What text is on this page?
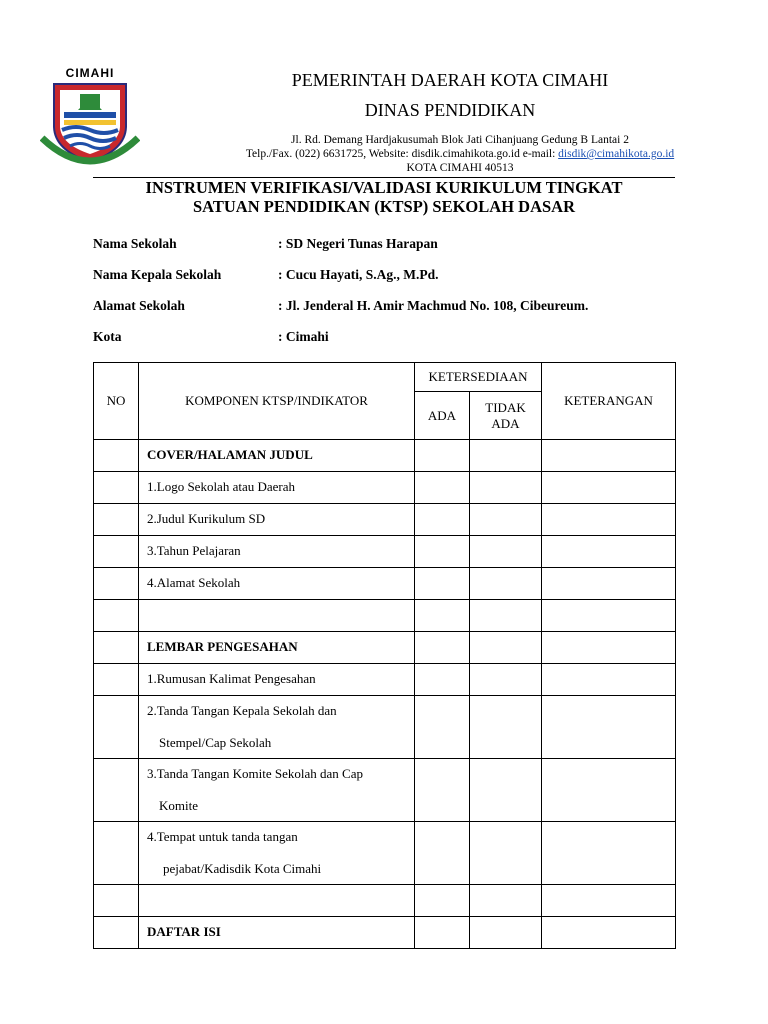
CIMAHI	PEMERINTAH DAERAH KOTA CIMAHI
DINAS PENDIDIKAN
Jl. Rd. Demang Hardjakusumah Blok Jati Cihanjuang Gedung B Lantai 2
Telp./Fax. (022) 6631725, Website: disdik.cimahikota.go.id e-mail: disdik@cimahikota.go.id
KOTA CIMAHI 40513
INSTRUMEN VERIFIKASI/VALIDASI KURIKULUM TINGKAT
SATUAN PENDIDIKAN (KTSP) SEKOLAH DASAR
Nama Sekolah	: SD Negeri Tunas Harapan
Nama Kepala Sekolah	: Cucu Hayati, S.Ag., M.Pd.
Alamat Sekolah	: Jl. Jenderal H. Amir Machmud No. 108, Cibeureum.
Kota	: Cimahi
NO	KOMPONEN KTSP/INDIKATOR	KETERSEDIAAN		KETERANGAN
		ADA	TIDAK ADA	
	COVER/HALAMAN JUDUL			
	1.Logo Sekolah atau Daerah			
	2.Judul Kurikulum SD			
	3.Tahun Pelajaran			
	4.Alamat Sekolah			

	LEMBAR PENGESAHAN			
	1.Rumusan Kalimat Pengesahan			
	2.Tanda Tangan Kepala Sekolah dan
Stempel/Cap Sekolah			

	3.Tanda Tangan Komite Sekolah dan Cap
Komite			

	4.Tempat untuk tanda tangan
pejabat/Kadisdik Kota Cimahi			

	DAFTAR ISI			
